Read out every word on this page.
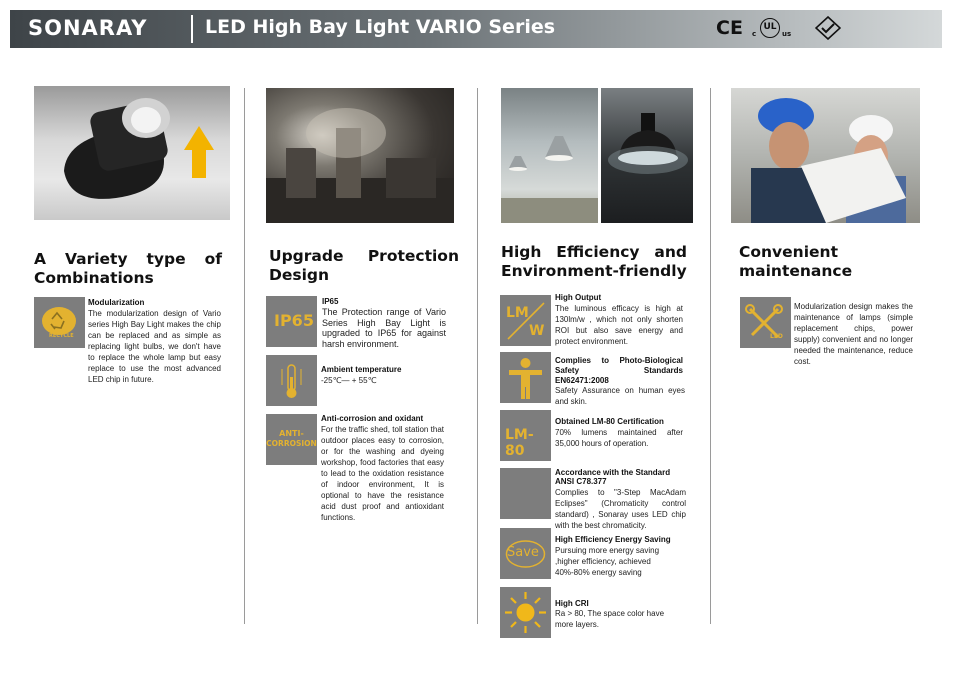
SONARAY	LED High Bay Light VARIO Series	CE c
UL
us
A Variety type of Combinations
Upgrade Protection Design
High Efficiency and Environment-friendly
Convenient maintenance
RECYCLE
Modularization
The modularization design of Vario series High Bay Light makes the chip can be replaced and as simple as replacing light bulbs, we don't have to replace the whole lamp but easy replace to use the most advanced LED chip in future.
IP65
IP65
The Protection range of Vario Series High Bay Light is upgraded to IP65 for against harsh environment.
Ambient temperature
-25℃— + 55℃
ANTI-
CORROSION
Anti-corrosion and oxidant
For the traffic shed, toll station that outdoor places easy to corrosion, or for the washing and dyeing workshop, food factories that easy to lead to the oxidation resistance of indoor environment, It is optional to have the resistance acid dust proof and antioxidant functions.
LM
W
High Output
The luminous efficacy is high at 130lm/w , which not only shorten ROI but also save energy and protect environment.
Complies to Photo-Biological Safety Standards
EN62471:2008
Safety Assurance on human eyes and skin.
LM-80
Obtained LM-80 Certification
70% lumens maintained after 35,000 hours of operation.
Accordance with the Standard
ANSI C78.377
Complies to "3-Step MacAdam Eclipses" (Chromaticity control standard) , Sonaray uses LED chip with the best chromaticity.
Save
High Efficiency Energy Saving
Pursuing more energy saving ,higher efficiency, achieved 40%-80% energy saving
High CRI
Ra > 80, The space color have more layers.
LED
Modularization design makes the maintenance of lamps (simple replacement chips, power supply) convenient and no longer needed the maintenance, reduce cost.
